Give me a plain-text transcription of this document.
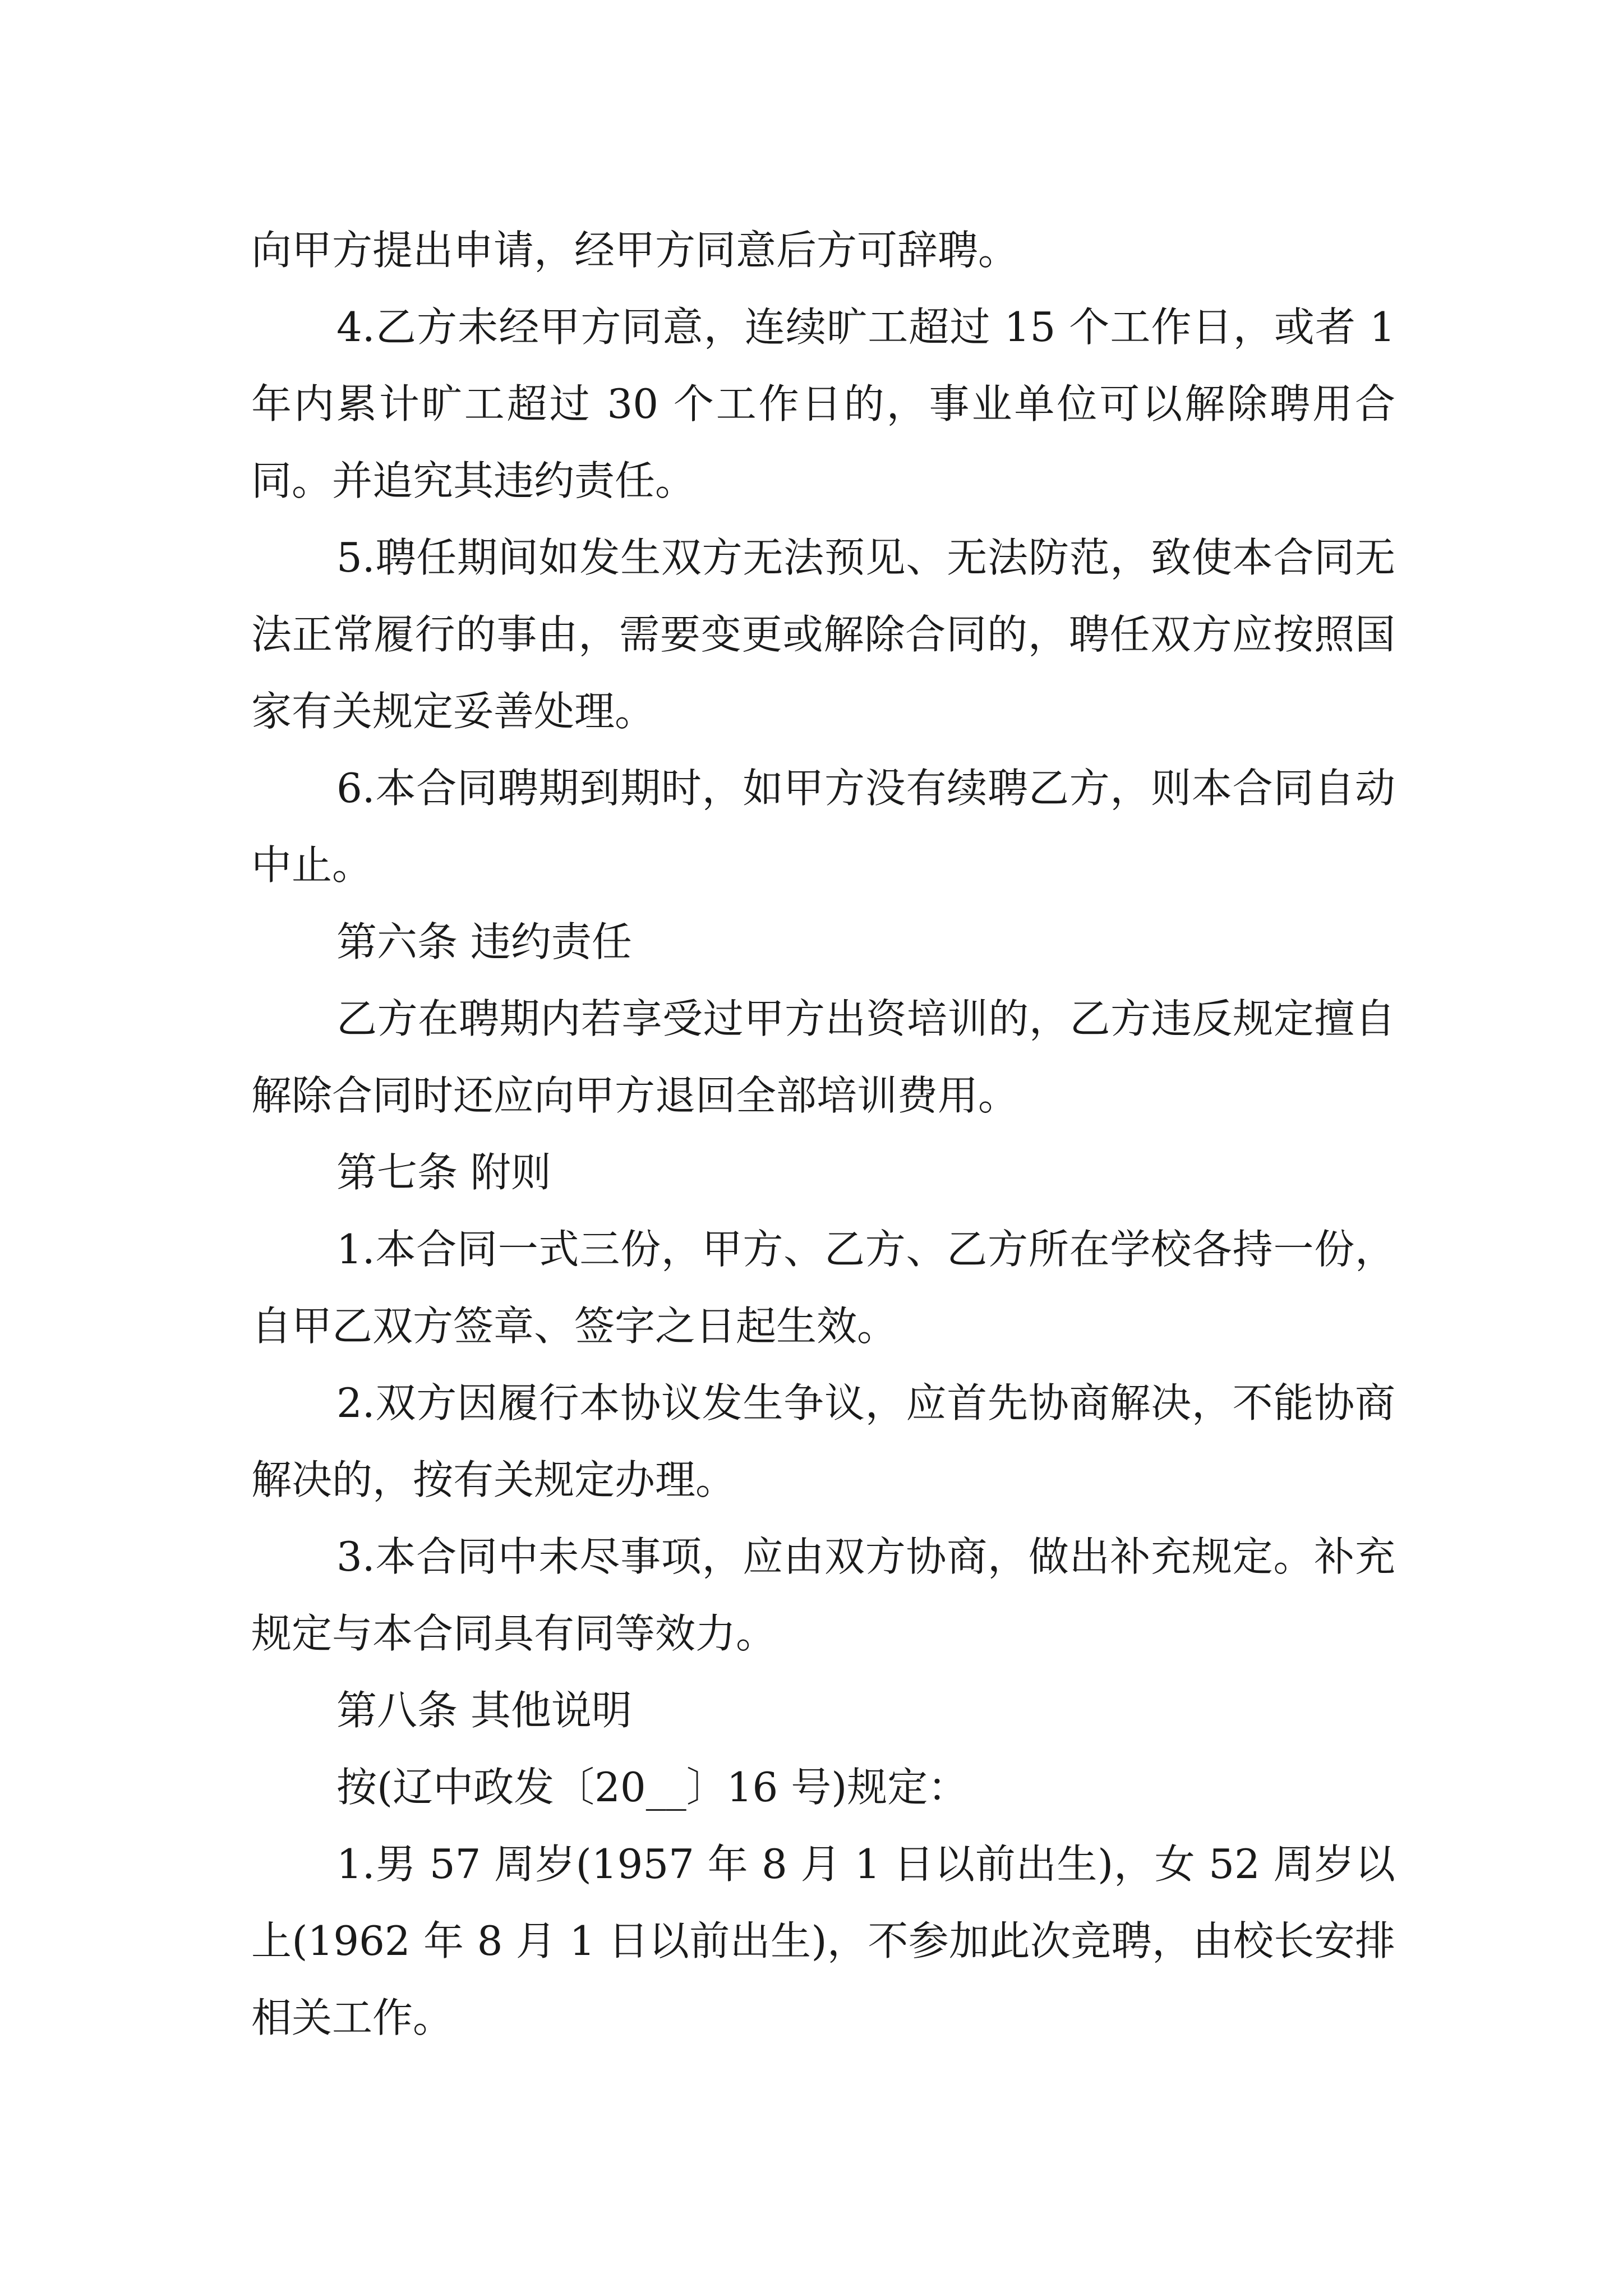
向甲方提出申请，经甲方同意后方可辞聘。

4.乙方未经甲方同意，连续旷工超过 15 个工作日，或者 1 年内累计旷工超过 30 个工作日的，事业单位可以解除聘用合同。并追究其违约责任。

5.聘任期间如发生双方无法预见、无法防范，致使本合同无法正常履行的事由，需要变更或解除合同的，聘任双方应按照国家有关规定妥善处理。

6.本合同聘期到期时，如甲方没有续聘乙方，则本合同自动中止。

第六条 违约责任

乙方在聘期内若享受过甲方出资培训的，乙方违反规定擅自解除合同时还应向甲方退回全部培训费用。

第七条 附则

1.本合同一式三份，甲方、乙方、乙方所在学校各持一份，自甲乙双方签章、签字之日起生效。

2.双方因履行本协议发生争议，应首先协商解决，不能协商解决的，按有关规定办理。

3.本合同中未尽事项，应由双方协商，做出补充规定。补充规定与本合同具有同等效力。

第八条 其他说明

按(辽中政发〔20__〕16 号)规定：

1.男 57 周岁(1957 年 8 月 1 日以前出生)，女 52 周岁以上(1962 年 8 月 1 日以前出生)，不参加此次竞聘，由校长安排相关工作。
